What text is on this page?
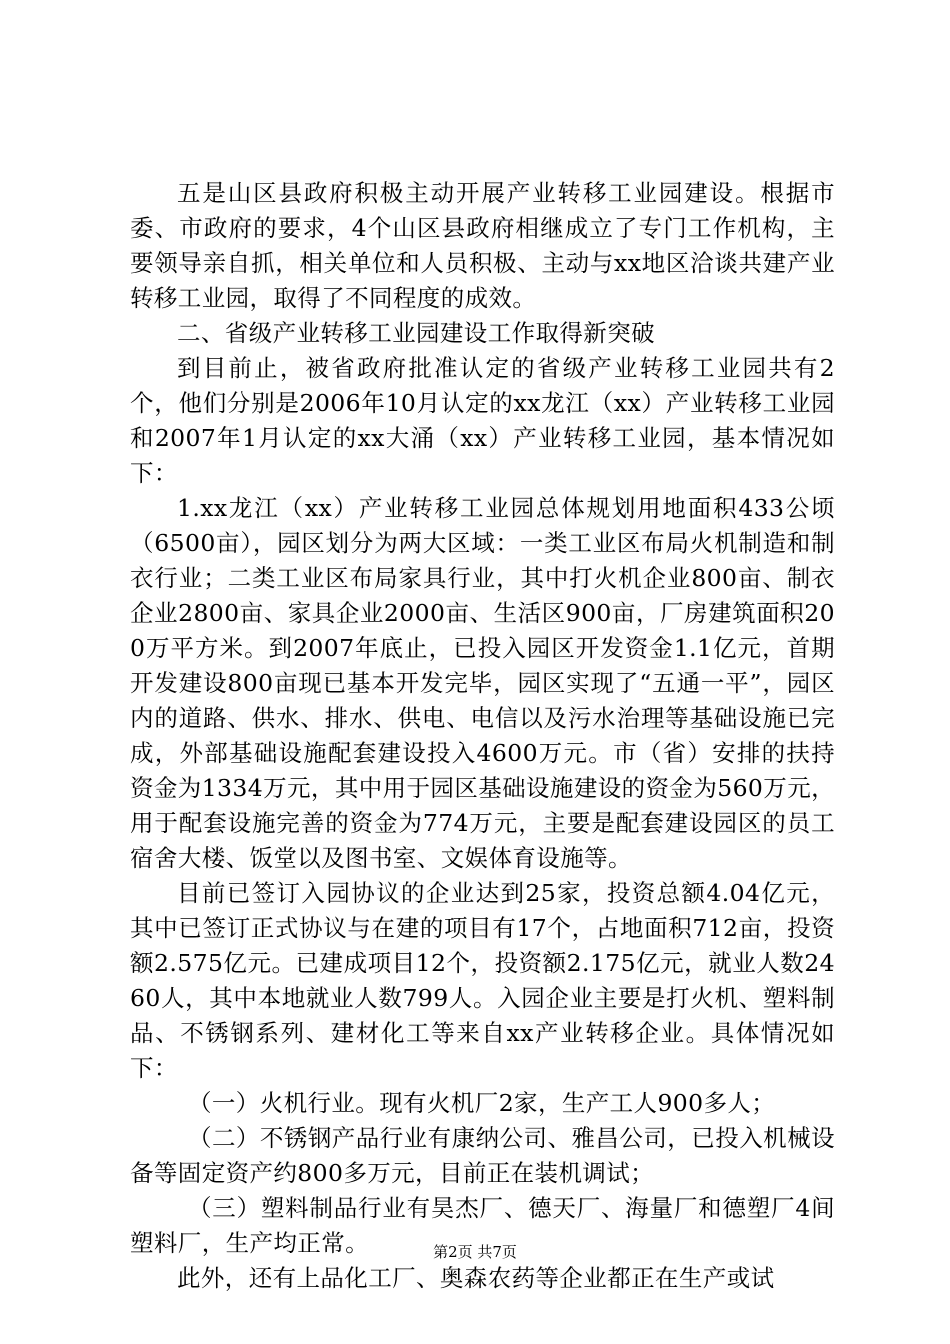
五是山区县政府积极主动开展产业转移工业园建设。根据市委、市政府的要求，4个山区县政府相继成立了专门工作机构，主要领导亲自抓，相关单位和人员积极、主动与xx地区洽谈共建产业转移工业园，取得了不同程度的成效。

二、省级产业转移工业园建设工作取得新突破

到目前止，被省政府批准认定的省级产业转移工业园共有2个，他们分别是2006年10月认定的xx龙江（xx）产业转移工业园和2007年1月认定的xx大涌（xx）产业转移工业园，基本情况如下：

1.xx龙江（xx）产业转移工业园总体规划用地面积433公顷（6500亩），园区划分为两大区域：一类工业区布局火机制造和制衣行业；二类工业区布局家具行业，其中打火机企业800亩、制衣企业2800亩、家具企业2000亩、生活区900亩，厂房建筑面积200万平方米。到2007年底止，已投入园区开发资金1.1亿元，首期开发建设800亩现已基本开发完毕，园区实现了“五通一平”，园区内的道路、供水、排水、供电、电信以及污水治理等基础设施已完成，外部基础设施配套建设投入4600万元。市（省）安排的扶持资金为1334万元，其中用于园区基础设施建设的资金为560万元，用于配套设施完善的资金为774万元，主要是配套建设园区的员工宿舍大楼、饭堂以及图书室、文娱体育设施等。

目前已签订入园协议的企业达到25家，投资总额4.04亿元，其中已签订正式协议与在建的项目有17个，占地面积712亩，投资额2.575亿元。已建成项目12个，投资额2.175亿元，就业人数2460人，其中本地就业人数799人。入园企业主要是打火机、塑料制品、不锈钢系列、建材化工等来自xx产业转移企业。具体情况如下：

（一）火机行业。现有火机厂2家，生产工人900多人；

（二）不锈钢产品行业有康纳公司、雅昌公司，已投入机械设备等固定资产约800多万元，目前正在装机调试；

（三）塑料制品行业有昊杰厂、德天厂、海量厂和德塑厂4间塑料厂，生产均正常。

此外，还有上品化工厂、奥森农药等企业都正在生产或试

第2页 共7页
